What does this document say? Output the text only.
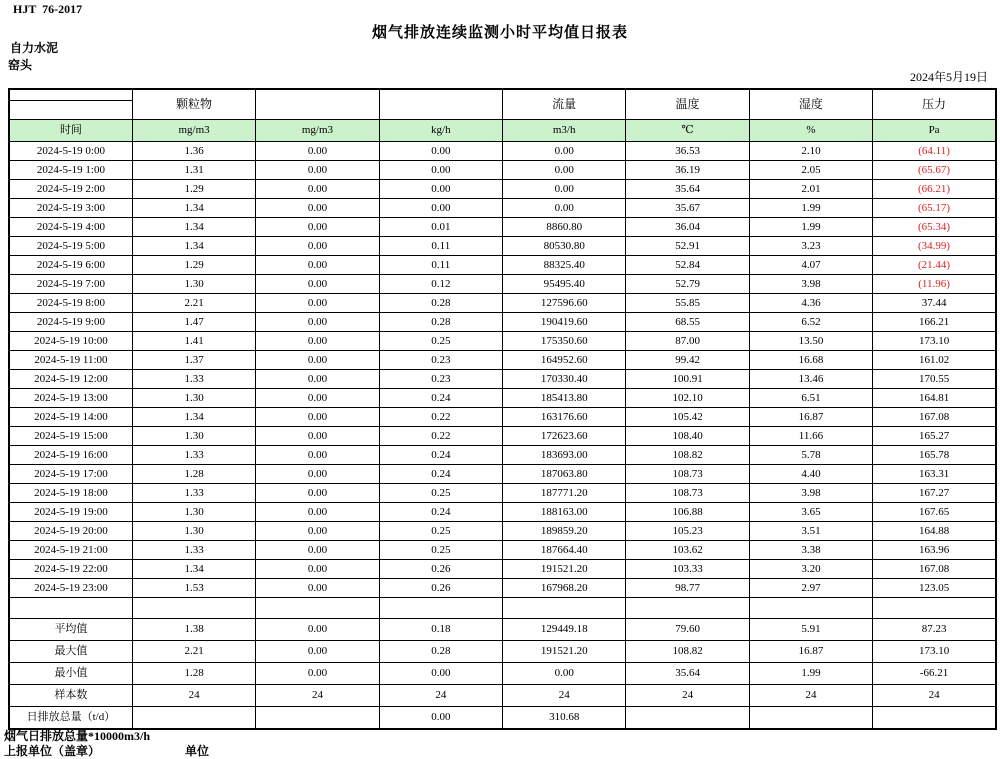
HJT  76-2017
烟气排放连续监测小时平均值日报表
自力水泥
窑头
2024年5月19日
	颗粒物			流量	温度	湿度	压力
时间	mg/m3	mg/m3	kg/h	m3/h	℃	%	Pa
2024-5-19 0:00	1.36	0.00	0.00	0.00	36.53	2.10	(64.11)
2024-5-19 1:00	1.31	0.00	0.00	0.00	36.19	2.05	(65.67)
2024-5-19 2:00	1.29	0.00	0.00	0.00	35.64	2.01	(66.21)
2024-5-19 3:00	1.34	0.00	0.00	0.00	35.67	1.99	(65.17)
2024-5-19 4:00	1.34	0.00	0.01	8860.80	36.04	1.99	(65.34)
2024-5-19 5:00	1.34	0.00	0.11	80530.80	52.91	3.23	(34.99)
2024-5-19 6:00	1.29	0.00	0.11	88325.40	52.84	4.07	(21.44)
2024-5-19 7:00	1.30	0.00	0.12	95495.40	52.79	3.98	(11.96)
2024-5-19 8:00	2.21	0.00	0.28	127596.60	55.85	4.36	37.44
2024-5-19 9:00	1.47	0.00	0.28	190419.60	68.55	6.52	166.21
2024-5-19 10:00	1.41	0.00	0.25	175350.60	87.00	13.50	173.10
2024-5-19 11:00	1.37	0.00	0.23	164952.60	99.42	16.68	161.02
2024-5-19 12:00	1.33	0.00	0.23	170330.40	100.91	13.46	170.55
2024-5-19 13:00	1.30	0.00	0.24	185413.80	102.10	6.51	164.81
2024-5-19 14:00	1.34	0.00	0.22	163176.60	105.42	16.87	167.08
2024-5-19 15:00	1.30	0.00	0.22	172623.60	108.40	11.66	165.27
2024-5-19 16:00	1.33	0.00	0.24	183693.00	108.82	5.78	165.78
2024-5-19 17:00	1.28	0.00	0.24	187063.80	108.73	4.40	163.31
2024-5-19 18:00	1.33	0.00	0.25	187771.20	108.73	3.98	167.27
2024-5-19 19:00	1.30	0.00	0.24	188163.00	106.88	3.65	167.65
2024-5-19 20:00	1.30	0.00	0.25	189859.20	105.23	3.51	164.88
2024-5-19 21:00	1.33	0.00	0.25	187664.40	103.62	3.38	163.96
2024-5-19 22:00	1.34	0.00	0.26	191521.20	103.33	3.20	167.08
2024-5-19 23:00	1.53	0.00	0.26	167968.20	98.77	2.97	123.05

平均值	1.38	0.00	0.18	129449.18	79.60	5.91	87.23
最大值	2.21	0.00	0.28	191521.20	108.82	16.87	173.10
最小值	1.28	0.00	0.00	0.00	35.64	1.99	-66.21
样本数	24	24	24	24	24	24	24
日排放总量（t/d）			0.00	310.68			
烟气日排放总量*10000m3/h
上报单位（盖章）	单位
